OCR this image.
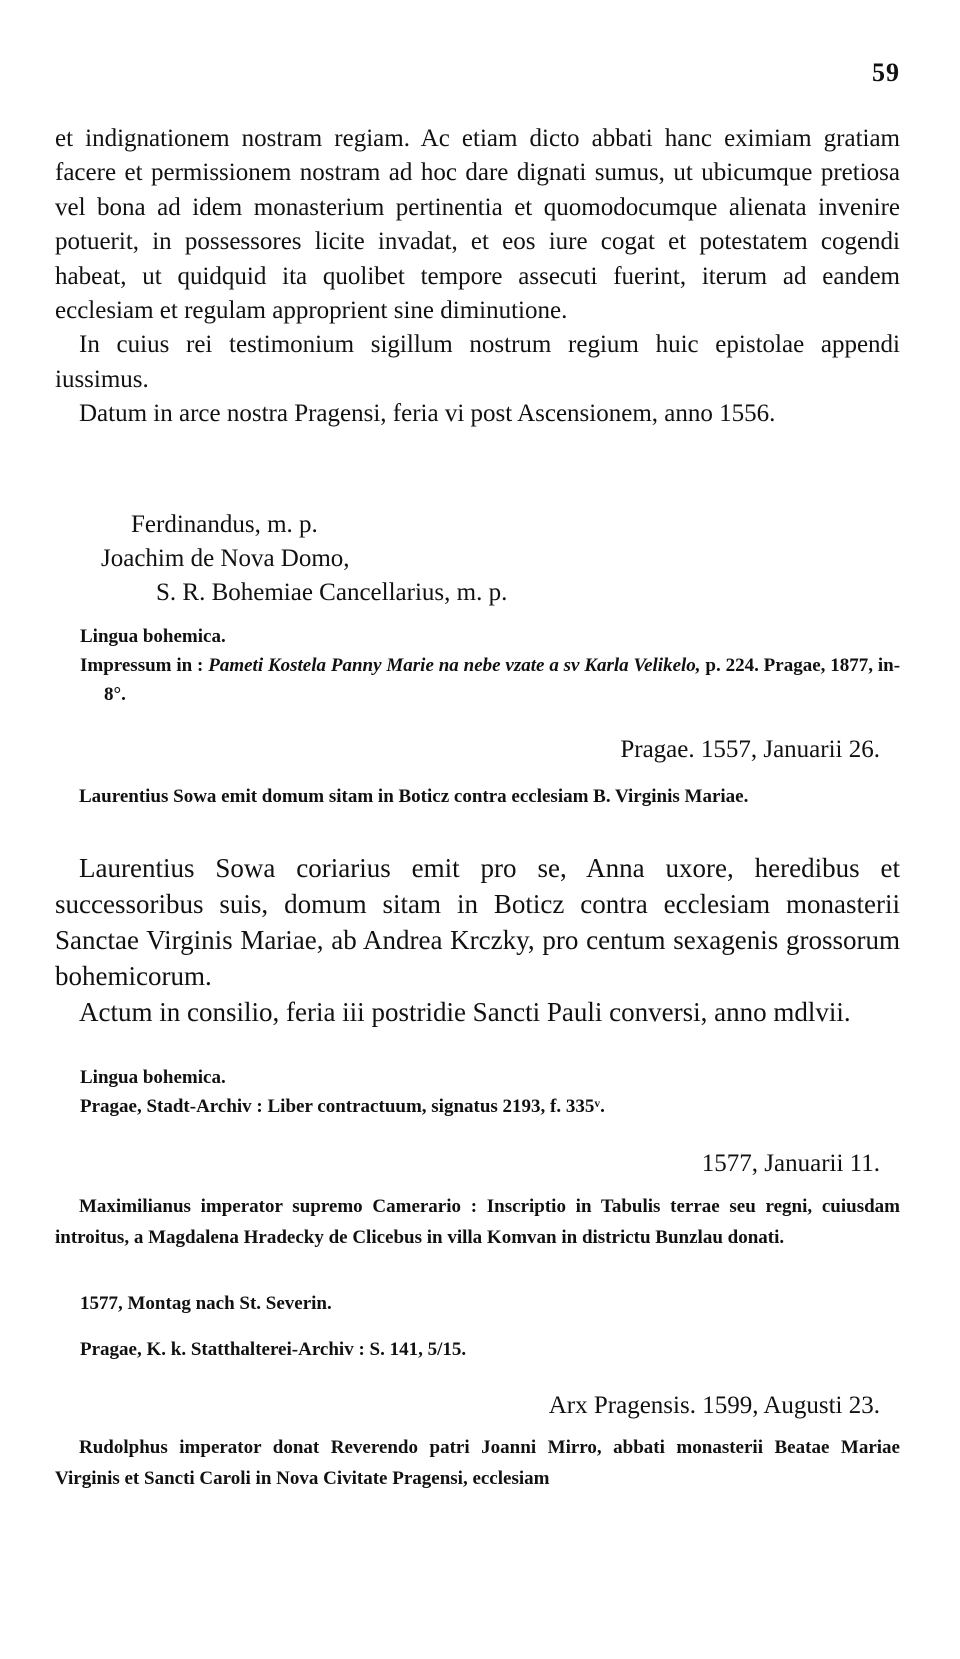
59

et indignationem nostram regiam. Ac etiam dicto abbati hanc eximiam gratiam facere et permissionem nostram ad hoc dare dignati sumus, ut ubicumque pretiosa vel bona ad idem monasterium pertinentia et quomodocumque alienata invenire potuerit, in possessores licite invadat, et eos iure cogat et potestatem cogendi habeat, ut quidquid ita quolibet tempore assecuti fuerint, iterum ad eandem ecclesiam et regulam approprient sine diminutione.

In cuius rei testimonium sigillum nostrum regium huic epistolae appendi iussimus.

Datum in arce nostra Pragensi, feria vi post Ascensionem, anno 1556.

Ferdinandus, m. p.
Joachim de Nova Domo,
S. R. Bohemiae Cancellarius, m. p.

Lingua bohemica.

Impressum in : Pameti Kostela Panny Marie na nebe vzate a sv Karla Velikelo, p. 224. Pragae, 1877, in-8°.

Pragae. 1557, Januarii 26.

Laurentius Sowa emit domum sitam in Boticz contra ecclesiam B. Virginis Mariae.

Laurentius Sowa coriarius emit pro se, Anna uxore, heredibus et successoribus suis, domum sitam in Boticz contra ecclesiam monasterii Sanctae Virginis Mariae, ab Andrea Krczky, pro centum sexagenis grossorum bohemicorum.

Actum in consilio, feria iii postridie Sancti Pauli conversi, anno mdlvii.

Lingua bohemica.

Pragae, Stadt-Archiv : Liber contractuum, signatus 2193, f. 335ᵛ.

1577, Januarii 11.

Maximilianus imperator supremo Camerario : Inscriptio in Tabulis terrae seu regni, cuiusdam introitus, a Magdalena Hradecky de Clicebus in villa Komvan in districtu Bunzlau donati.

1577, Montag nach St. Severin.

Pragae, K. k. Statthalterei-Archiv : S. 141, 5/15.

Arx Pragensis. 1599, Augusti 23.

Rudolphus imperator donat Reverendo patri Joanni Mirro, abbati monasterii Beatae Mariae Virginis et Sancti Caroli in Nova Civitate Pragensi, ecclesiam
